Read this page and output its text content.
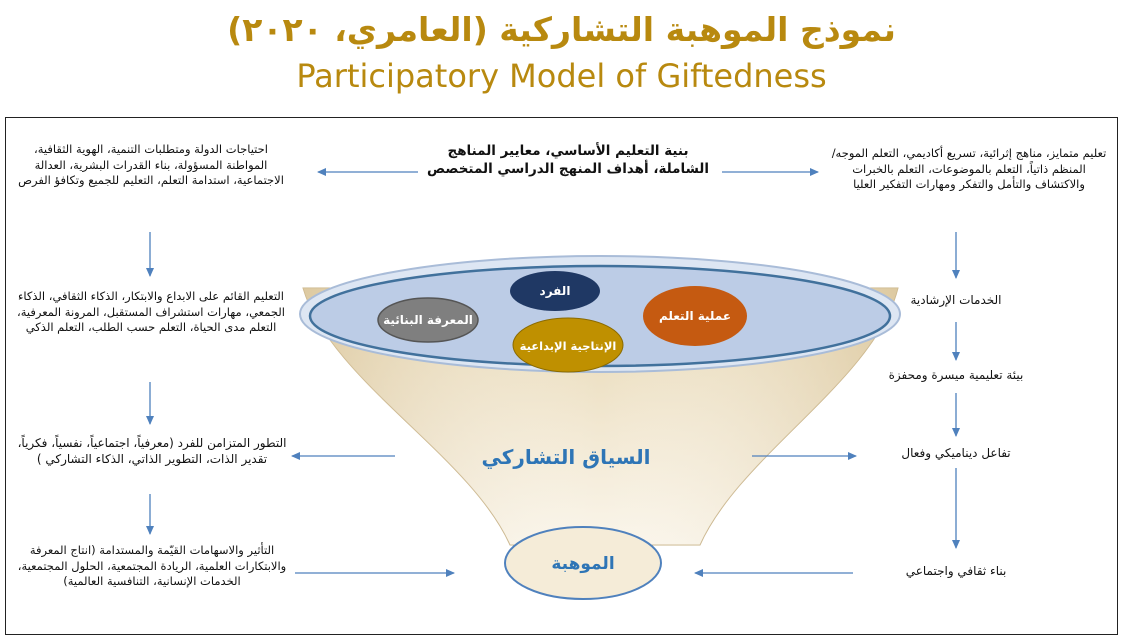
نموذج الموهبة التشاركية (العامري، ٢٠٢٠)
Participatory Model of Giftedness
الفرد
عملية التعلم
المعرفة البنائية
الإنتاجية الإبداعية
السياق التشاركي
الموهبة
بنية التعليم الأساسي، معايير المناهج الشاملة، أهداف المنهج الدراسي المتخصص
تعليم متمايز، مناهج إثرائية، تسريع أكاديمي، التعلم الموجه/المنظم ذاتياً، التعلم بالموضوعات، التعلم بالخبرات والاكتشاف والتأمل والتفكر ومهارات التفكير العليا
الخدمات الإرشادية
بيئة تعليمية ميسرة ومحفزة
تفاعل ديناميكي وفعال
بناء ثقافي واجتماعي
احتياجات الدولة ومتطلبات التنمية، الهوية الثقافية، المواطنة المسؤولة، بناء القدرات البشرية، العدالة الاجتماعية، استدامة التعلم، التعليم للجميع وتكافؤ الفرص
التعليم القائم على الابداع والابتكار، الذكاء الثقافي، الذكاء الجمعي، مهارات استشراف المستقبل، المرونة المعرفية، التعلم مدى الحياة، التعلم حسب الطلب، التعلم الذكي
التطور المتزامن للفرد (معرفياً، اجتماعياً، نفسياً، فكرياً، تقدير الذات، التطوير الذاتي، الذكاء التشاركي )
التأثير والاسهامات القيّمة والمستدامة (انتاج المعرفة والابتكارات العلمية، الريادة المجتمعية، الحلول المجتمعية، الخدمات الإنسانية، التنافسية العالمية)
